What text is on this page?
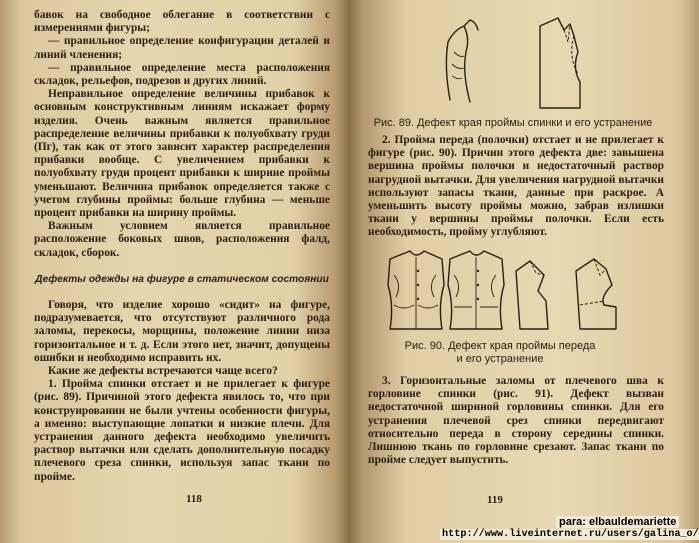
бавок на свободное облегание в соответствии с измерениями фигуры;

— правильное определение конфигурации деталей и линий членения;

— правильное определение места расположения складок, рельефов, подрезов и других линий.

Неправильное определение величины прибавок к основным конструктивным линиям искажает форму изделия. Очень важным является правильное распределение величины прибавки к полуобхвату груди (Пг), так как от этого зависит характер распределения прибавки вообще. С увеличением прибавки к полуобхвату груди процент прибавки к ширине проймы уменьшают. Величина прибавок определяется также с учетом глубины проймы: больше глубина — меньше процент прибавки на ширину проймы.

Важным условием является правильное расположение боковых швов, расположения фалд, складок, сборок.

Дефекты одежды на фигуре в статическом состоянии

Говоря, что изделие хорошо «сидит» на фигуре, подразумевается, что отсутствуют различного рода заломы, перекосы, морщины, положение линии низа горизонтальное и т. д. Если этого нет, значит, допущены ошибки и необходимо исправить их.

Какие же дефекты встречаются чаще всего?

1. Пройма спинки отстает и не прилегает к фигуре (рис. 89). Причиной этого дефекта явилось то, что при конструировании не были учтены особенности фигуры, а именно: выступающие лопатки и низкие плечи. Для устранения данного дефекта необходимо увеличить раствор вытачки или сделать дополнительную посадку плечевого среза спинки, используя запас ткани по пройме.

118
Рис. 89. Дефект края проймы спинки и его устранение

2. Пройма переда (полочки) отстает и не прилегает к фигуре (рис. 90). Причин этого дефекта две: завышена вершина проймы полочки и недостаточный раствор нагрудной вытачки. Для увеличения нагрудной вытачки используют запасы ткани, данные при раскрое. А уменьшить высоту проймы можно, забрав излишки ткани у вершины проймы полочки. Если есть необходимость, пройму углубляют.

Рис. 90. Дефект края проймы переда
и его устранение

3. Горизонтальные заломы от плечевого шва к горловине спинки (рис. 91). Дефект вызван недостаточной шириной горловины спинки. Для его устранения плечевой срез спинки передвигают относительно переда в сторону середины спинки. Лишнюю ткань по горловине срезают. Запас ткани по пройме следует выпустить.

119
para: elbauldemariette
http://www.liveinternet.ru/users/galina_o/
